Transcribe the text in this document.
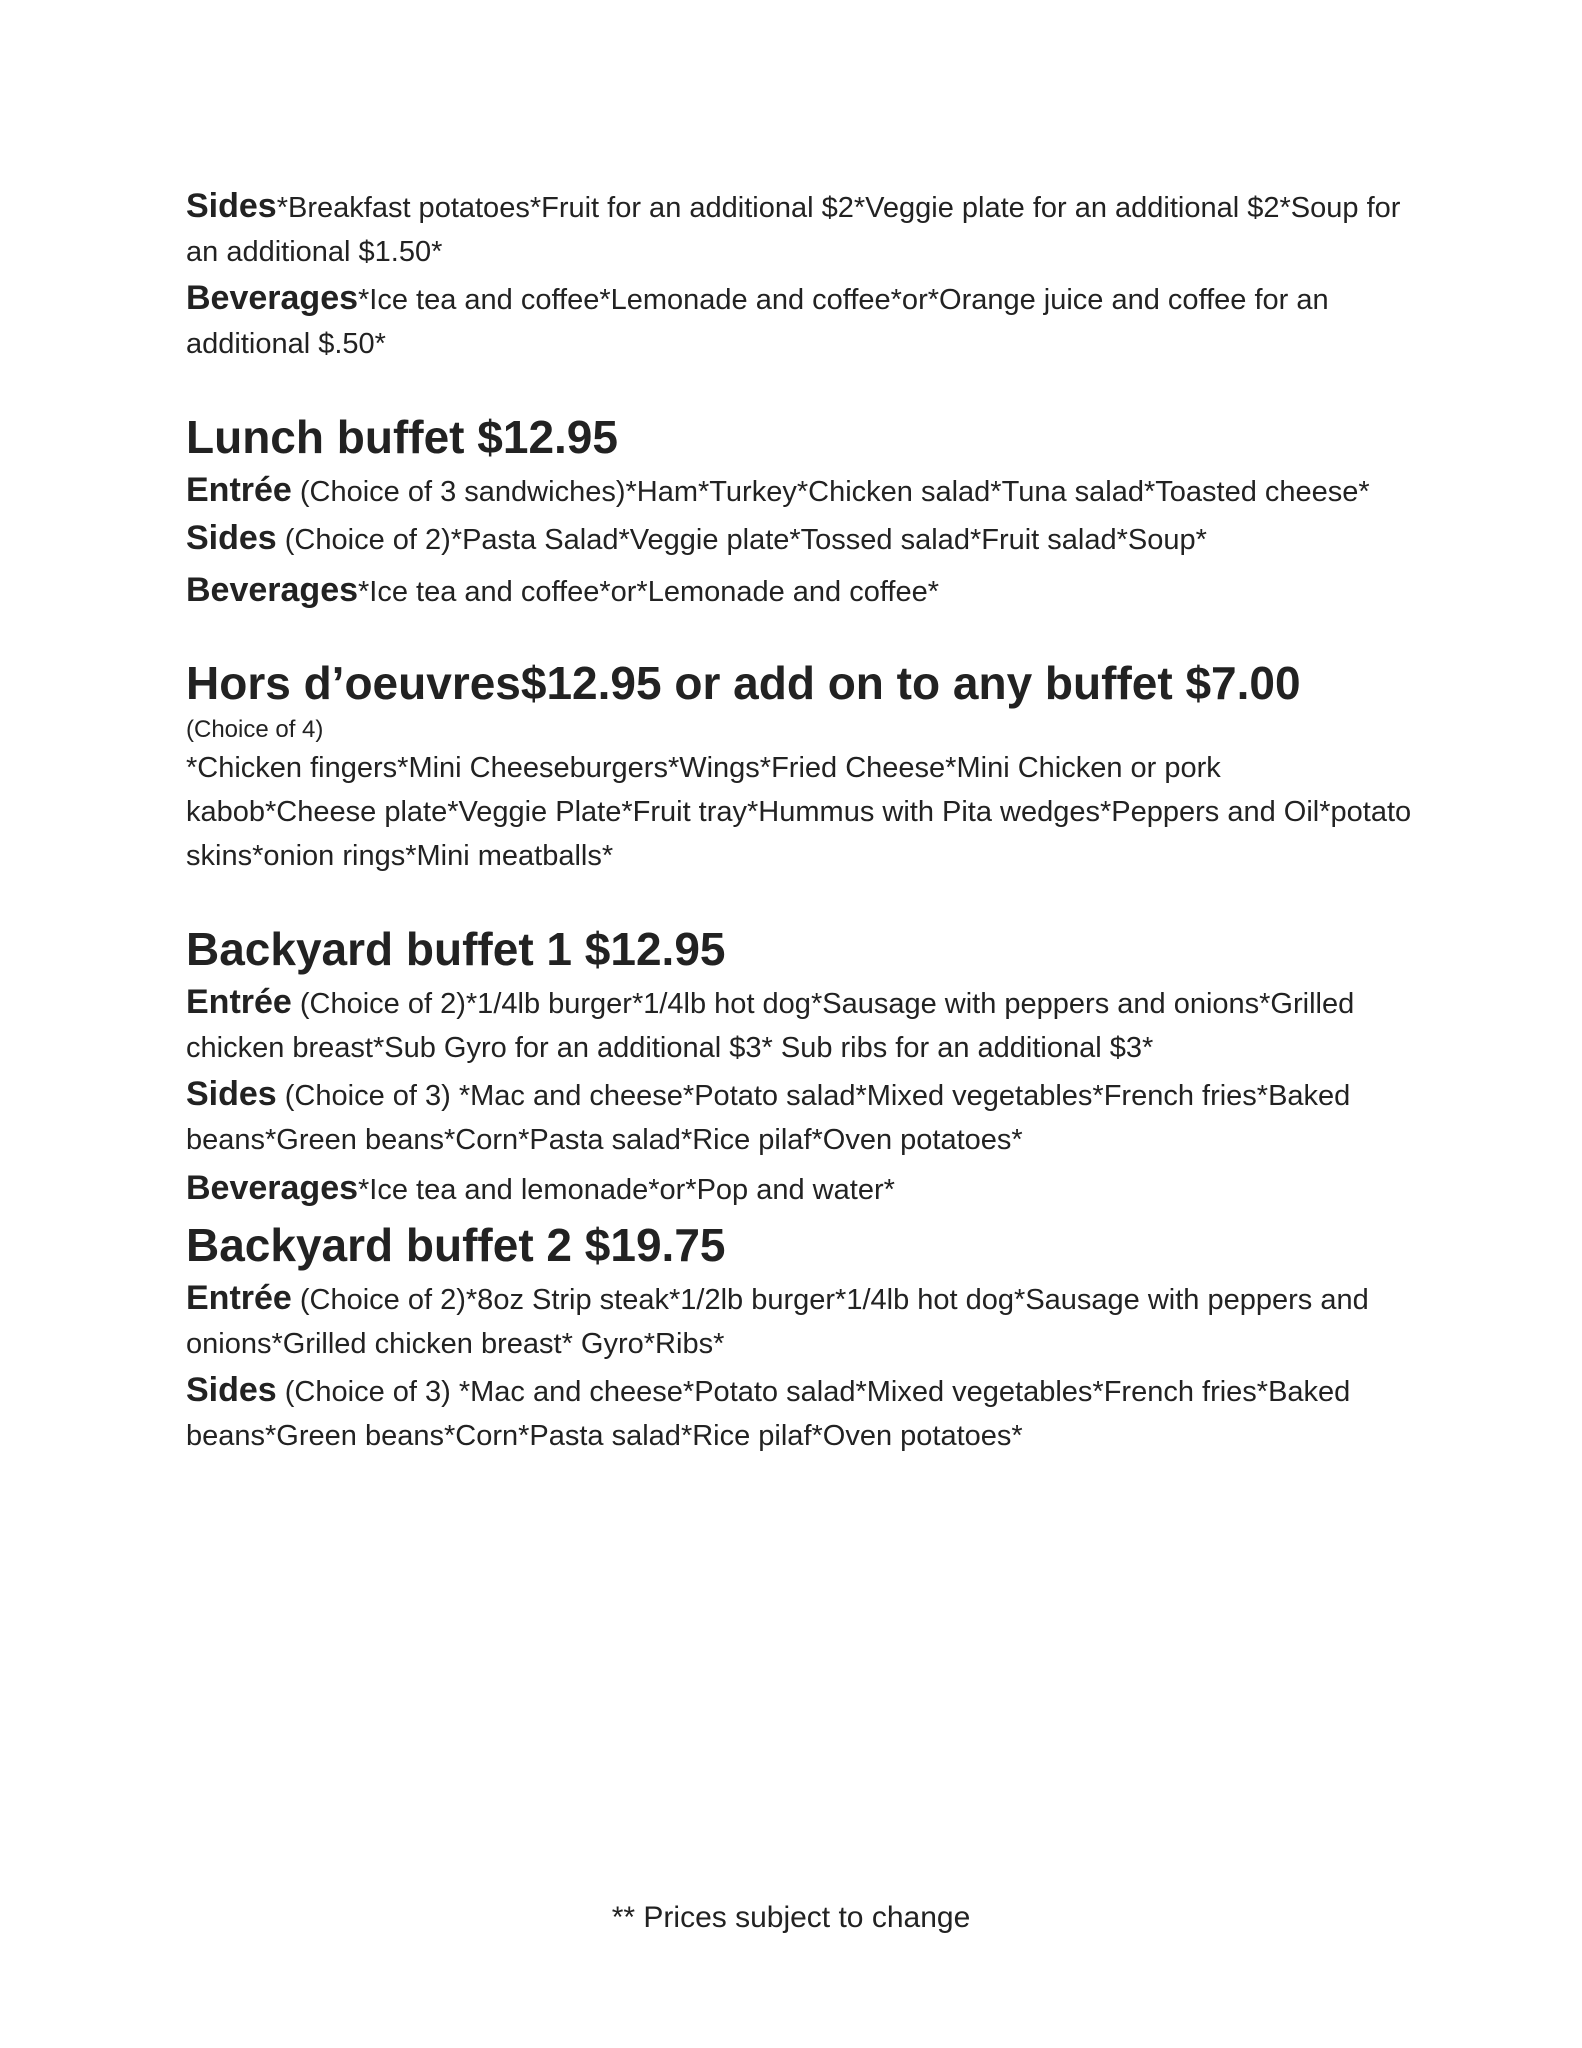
Sides*Breakfast potatoes*Fruit for an additional $2*Veggie plate for an additional $2*Soup for an additional $1.50*

Beverages*Ice tea and coffee*Lemonade and coffee*or*Orange juice and coffee for an additional $.50*

Lunch buffet $12.95

Entrée (Choice of 3 sandwiches)*Ham*Turkey*Chicken salad*Tuna salad*Toasted cheese*

Sides (Choice of 2)*Pasta Salad*Veggie plate*Tossed salad*Fruit salad*Soup*

Beverages*Ice tea and coffee*or*Lemonade and coffee*

Hors d’oeuvres$12.95 or add on to any buffet $7.00

(Choice of 4)

*Chicken fingers*Mini Cheeseburgers*Wings*Fried Cheese*Mini Chicken or pork kabob*Cheese plate*Veggie Plate*Fruit tray*Hummus with Pita wedges*Peppers and Oil*potato skins*onion rings*Mini meatballs*

Backyard buffet 1 $12.95

Entrée (Choice of 2)*1/4lb burger*1/4lb hot dog*Sausage with peppers and onions*Grilled chicken breast*Sub Gyro for an additional $3* Sub ribs for an additional $3*

Sides (Choice of 3) *Mac and cheese*Potato salad*Mixed vegetables*French fries*Baked beans*Green beans*Corn*Pasta salad*Rice pilaf*Oven potatoes*

Beverages*Ice tea and lemonade*or*Pop and water*

Backyard buffet 2 $19.75

Entrée (Choice of 2)*8oz Strip steak*1/2lb burger*1/4lb hot dog*Sausage with peppers and onions*Grilled chicken breast* Gyro*Ribs*

Sides (Choice of 3) *Mac and cheese*Potato salad*Mixed vegetables*French fries*Baked beans*Green beans*Corn*Pasta salad*Rice pilaf*Oven potatoes*

** Prices subject to change
